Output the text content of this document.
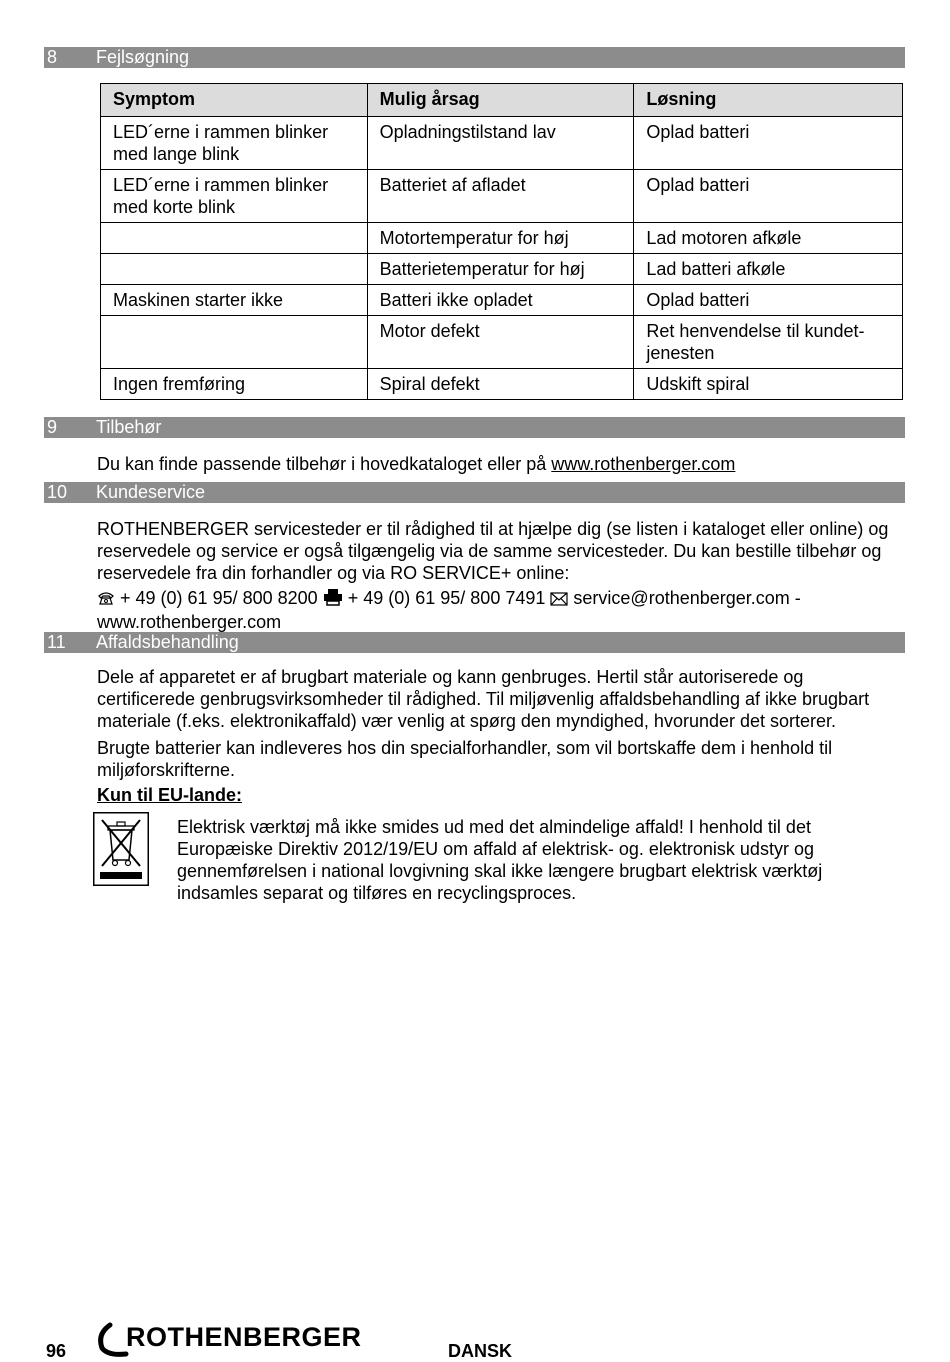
8 Fejlsøgning
Symptom	Mulig årsag	Løsning
LED´erne i rammen blinker med lange blink	Opladningstilstand lav	Oplad batteri
LED´erne i rammen blinker med korte blink	Batteriet af afladet	Oplad batteri
	Motortemperatur for høj	Lad motoren afkøle
	Batterietemperatur for høj	Lad batteri afkøle
Maskinen starter ikke	Batteri ikke opladet	Oplad batteri
	Motor defekt	Ret henvendelse til kundet-jenesten
Ingen fremføring	Spiral defekt	Udskift spiral
9 Tilbehør
Du kan finde passende tilbehør i hovedkataloget eller på www.rothenberger.com
10 Kundeservice
ROTHENBERGER servicesteder er til rådighed til at hjælpe dig (se listen i kataloget eller online) og reservedele og service er også tilgængelig via de samme servicesteder. Du kan bestille tilbehør og reservedele fra din forhandler og via RO SERVICE+ online:
+ 49 (0) 61 95/ 800 8200 + 49 (0) 61 95/ 800 7491 service@rothenberger.com -
www.rothenberger.com
11 Affaldsbehandling
Dele af apparetet er af brugbart materiale og kann genbruges. Hertil står autoriserede og certificerede genbrugsvirksomheder til rådighed. Til miljøvenlig affaldsbehandling af ikke brugbart materiale (f.eks. elektronikaffald) vær venlig at spørg den myndighed, hvorunder det sorterer.
Brugte batterier kan indleveres hos din specialforhandler, som vil bortskaffe dem i henhold til miljøforskrifterne.
Kun til EU-lande:
Elektrisk værktøj må ikke smides ud med det almindelige affald! I henhold til det Europæiske Direktiv 2012/19/EU om affald af elektrisk- og. elektronisk udstyr og gennemførelsen i national lovgivning skal ikke længere brugbart elektrisk værktøj indsamles separat og tilføres en recyclingsproces.
96 ROTHENBERGER	DANSK
